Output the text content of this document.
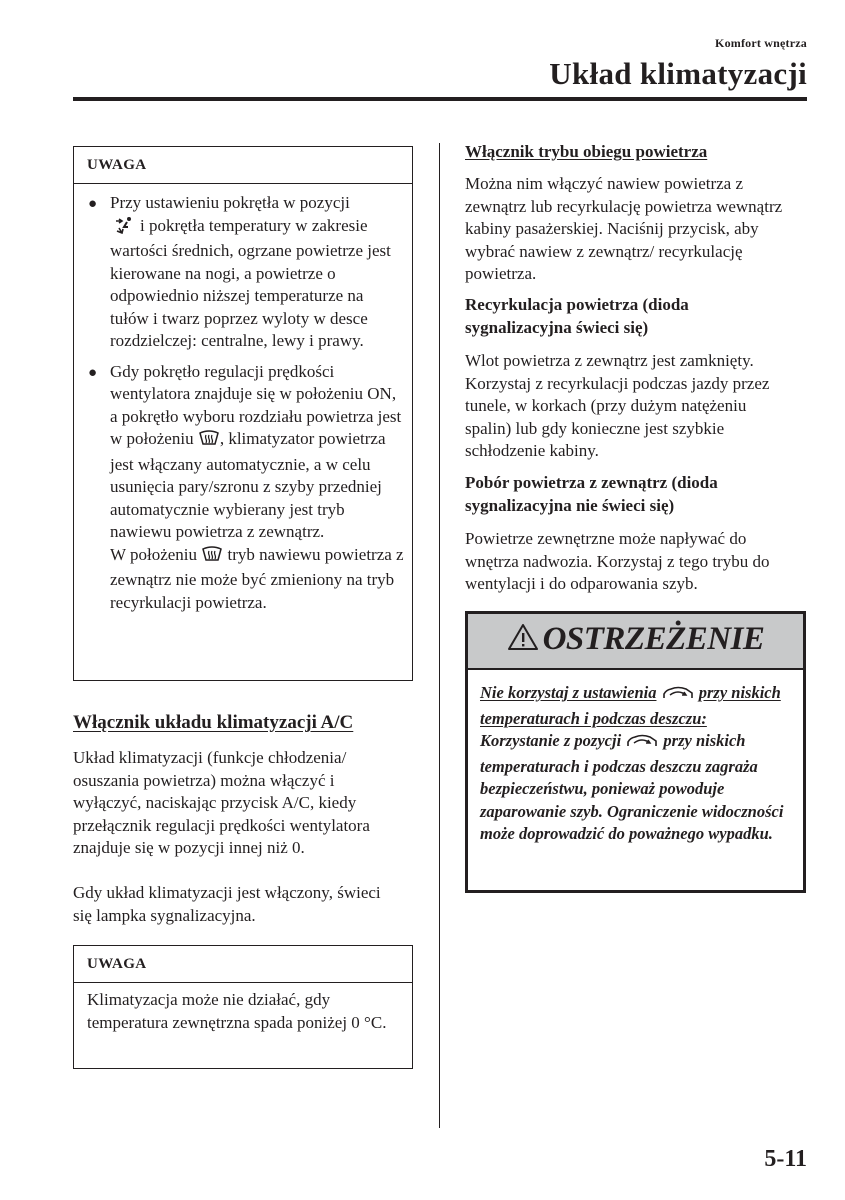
Komfort wnętrza
Układ klimatyzacji
UWAGA
● Przy ustawieniu pokrętła w pozycji
i pokrętła temperatury w zakresie wartości średnich, ogrzane powietrze jest kierowane na nogi, a powietrze o odpowiednio niższej temperaturze na tułów i twarz poprzez wyloty w desce rozdzielczej: centralne, lewy i prawy.
● Gdy pokrętło regulacji prędkości wentylatora znajduje się w położeniu ON, a pokrętło wyboru rozdziału powietrza jest w położeniu , klimatyzator powietrza jest włączany automatycznie, a w celu usunięcia pary/szronu z szyby przedniej automatycznie wybierany jest tryb nawiewu powietrza z zewnątrz.
W położeniu tryb nawiewu powietrza z zewnątrz nie może być zmieniony na tryb recyrkulacji powietrza.
Włącznik układu klimatyzacji A/C
Układ klimatyzacji (funkcje chłodzenia/ osuszania powietrza) można włączyć i wyłączyć, naciskając przycisk A/C, kiedy przełącznik regulacji prędkości wentylatora znajduje się w pozycji innej niż 0.
Gdy układ klimatyzacji jest włączony, świeci się lampka sygnalizacyjna.
UWAGA
Klimatyzacja może nie działać, gdy temperatura zewnętrzna spada poniżej 0 °C.
Włącznik trybu obiegu powietrza
Można nim włączyć nawiew powietrza z zewnątrz lub recyrkulację powietrza wewnątrz kabiny pasażerskiej. Naciśnij przycisk, aby wybrać nawiew z zewnątrz/ recyrkulację powietrza.
Recyrkulacja powietrza (dioda sygnalizacyjna świeci się)
Wlot powietrza z zewnątrz jest zamknięty. Korzystaj z recyrkulacji podczas jazdy przez tunele, w korkach (przy dużym natężeniu spalin) lub gdy konieczne jest szybkie schłodzenie kabiny.
Pobór powietrza z zewnątrz (dioda sygnalizacyjna nie świeci się)
Powietrze zewnętrzne może napływać do wnętrza nadwozia. Korzystaj z tego trybu do wentylacji i do odparowania szyb.
OSTRZEŻENIE
Nie korzystaj z ustawienia	przy niskich temperaturach i podczas deszczu:
Korzystanie z pozycji	przy niskich temperaturach i podczas deszczu zagraża bezpieczeństwu, ponieważ powoduje zaparowanie szyb. Ograniczenie widoczności może doprowadzić do poważnego wypadku.
5-11
